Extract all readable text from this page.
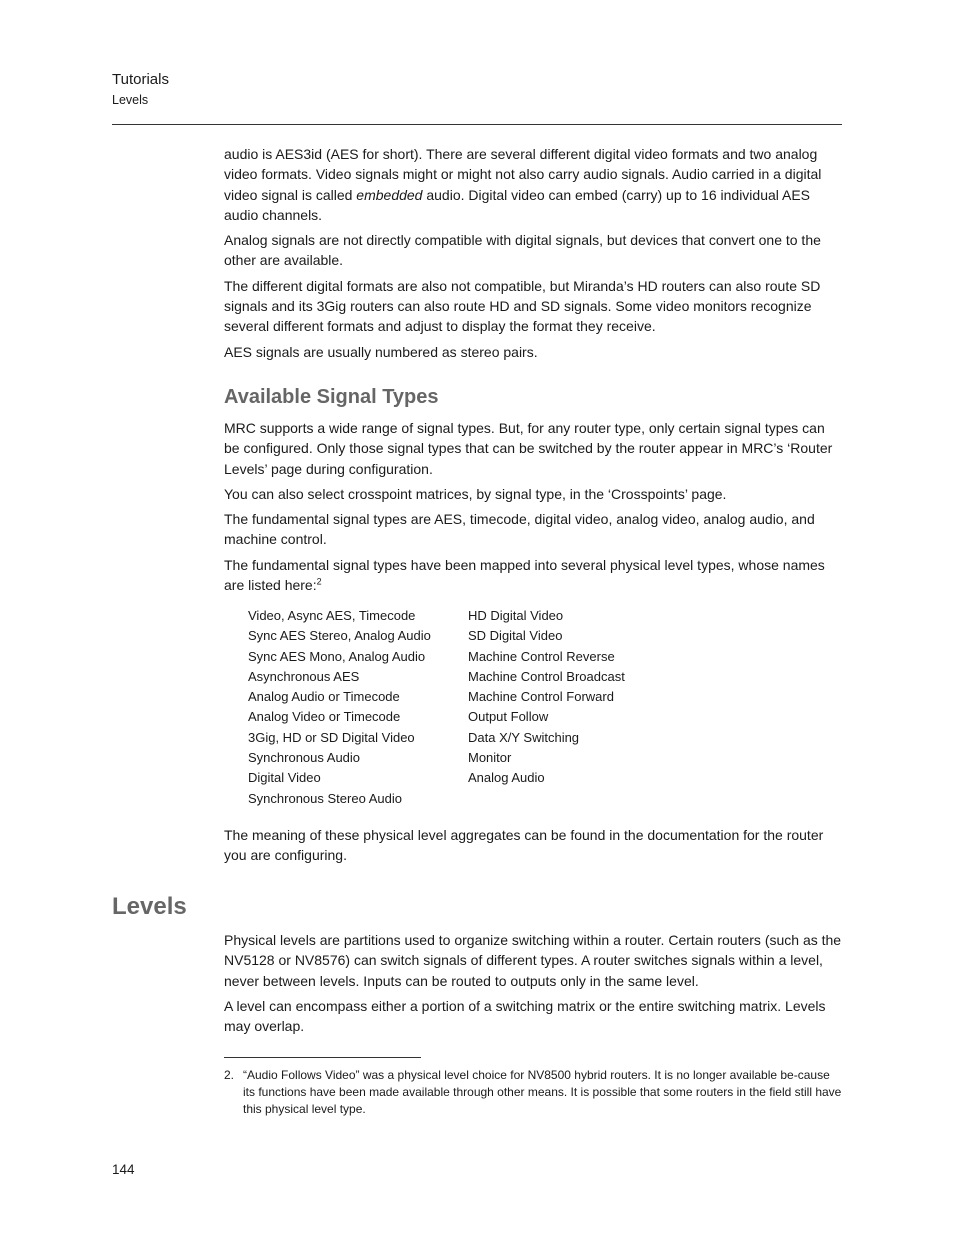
Tutorials
Levels

audio is AES3id (AES for short). There are several different digital video formats and two analog video formats. Video signals might or might not also carry audio signals. Audio carried in a digital video signal is called embedded audio. Digital video can embed (carry) up to 16 individual AES audio channels.

Analog signals are not directly compatible with digital signals, but devices that convert one to the other are available.

The different digital formats are also not compatible, but Miranda’s HD routers can also route SD signals and its 3Gig routers can also route HD and SD signals. Some video monitors recognize several different formats and adjust to display the format they receive.

AES signals are usually numbered as stereo pairs.

Available Signal Types

MRC supports a wide range of signal types. But, for any router type, only certain signal types can be configured. Only those signal types that can be switched by the router appear in MRC’s ‘Router Levels’ page during configuration.

You can also select crosspoint matrices, by signal type, in the ‘Crosspoints’ page.

The fundamental signal types are AES, timecode, digital video, analog video, analog audio, and machine control.

The fundamental signal types have been mapped into several physical level types, whose names are listed here:$^2$

Video, Async AES, Timecode
Sync AES Stereo, Analog Audio
Sync AES Mono, Analog Audio
Asynchronous AES
Analog Audio or Timecode
Analog Video or Timecode
3Gig, HD or SD Digital Video
Synchronous Audio
Digital Video
Synchronous Stereo Audio
HD Digital Video
SD Digital Video
Machine Control Reverse
Machine Control Broadcast
Machine Control Forward
Output Follow
Data X/Y Switching
Monitor
Analog Audio

The meaning of these physical level aggregates can be found in the documentation for the router you are configuring.

Levels

Physical levels are partitions used to organize switching within a router. Certain routers (such as the NV5128 or NV8576) can switch signals of different types. A router switches signals within a level, never between levels. Inputs can be routed to outputs only in the same level.

A level can encompass either a portion of a switching matrix or the entire switching matrix. Levels may overlap.

2. “Audio Follows Video” was a physical level choice for NV8500 hybrid routers. It is no longer available be-cause its functions have been made available through other means. It is possible that some routers in the field still have this physical level type.
144
